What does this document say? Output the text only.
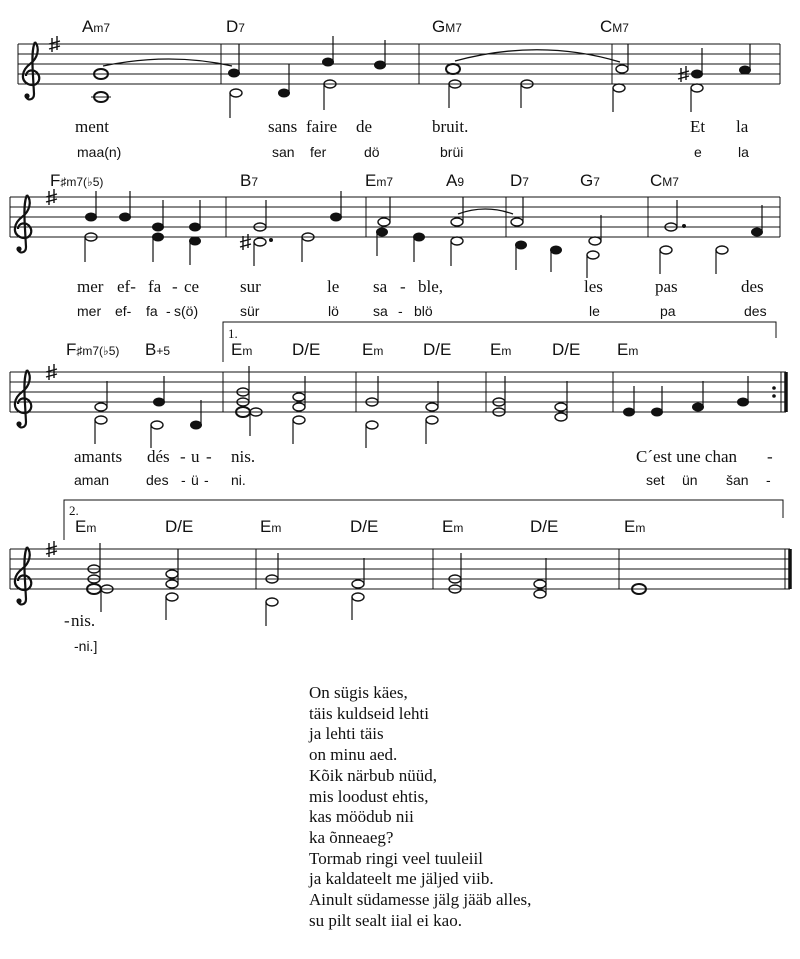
Am7	D7	GM7	CM7
ment	sans faire de	bruit.	Et la
maa(n)	san fer	dö	brüi	e	la
F♯m7(♭5)	B7	Em7	A9	D7	G7	CM7
mer ef- fa - ce sur	le sa - ble,	les	pas	des
mer ef- fa - s(ö)	sür	lö sa - blö	le	pa	des
1.
F♯m7(♭5) B+5	Em D/E Em D/E Em D/E Em
amants dés - u - nis.	C´est une chan -
aman	des - ü - ni.	set ün šan -
2.
Em	D/E	Em	D/E	Em	D/E	Em
- nis.
-ni.]
On sügis käes,
täis kuldseid lehti
ja lehti täis
on minu aed.
Kõik närbub nüüd,
mis loodust ehtis,
kas möödub nii
ka õnneaeg?
Tormab ringi veel tuuleiil
ja kaldateelt me jäljed viib.
Ainult südamesse jälg jääb alles,
su pilt sealt iial ei kao.
